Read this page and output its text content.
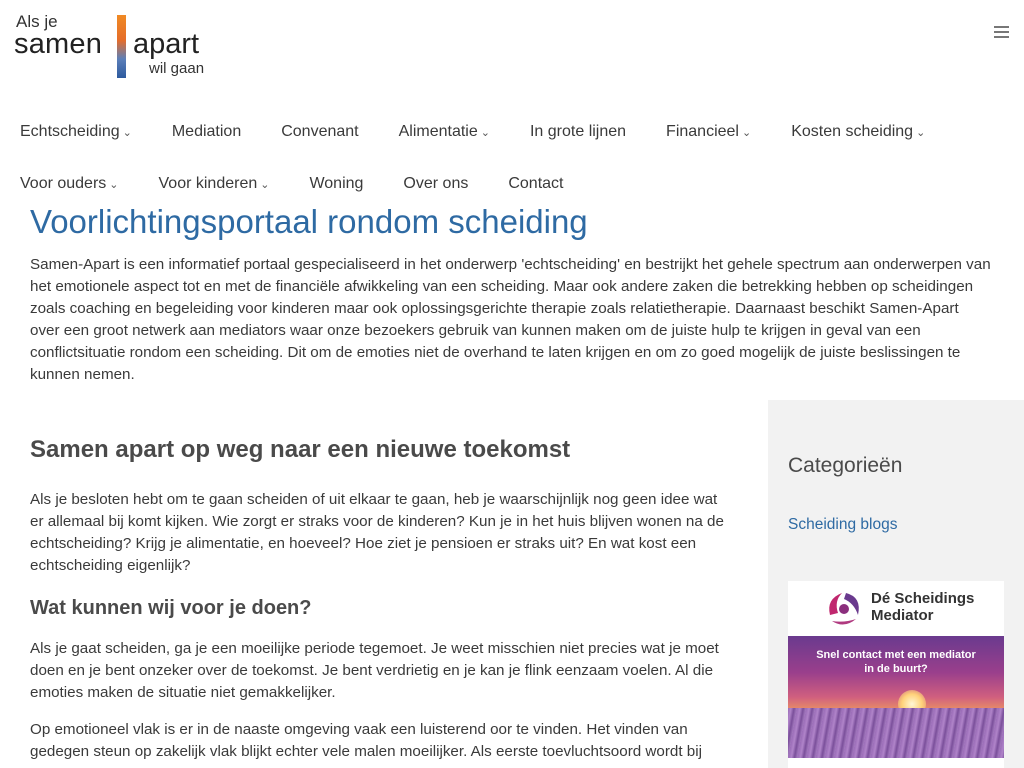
Als je
samen apart
wil gaan
Echtscheiding ⌄	Mediation	Convenant	Alimentatie ⌄	In grote lijnen	Financieel ⌄	Kosten scheiding ⌄
Voor ouders ⌄	Voor kinderen ⌄	Woning	Over ons	Contact
Voorlichtingsportaal rondom scheiding

Samen-Apart is een informatief portaal gespecialiseerd in het onderwerp 'echtscheiding' en bestrijkt het gehele spectrum aan onderwerpen van het emotionele aspect tot en met de financiële afwikkeling van een scheiding. Maar ook andere zaken die betrekking hebben op scheidingen zoals coaching en begeleiding voor kinderen maar ook oplossingsgerichte therapie zoals relatietherapie. Daarnaast beschikt Samen-Apart over een groot netwerk aan mediators waar onze bezoekers gebruik van kunnen maken om de juiste hulp te krijgen in geval van een conflictsituatie rondom een scheiding. Dit om de emoties niet de overhand te laten krijgen en om zo goed mogelijk de juiste beslissingen te kunnen nemen.

Samen apart op weg naar een nieuwe toekomst

Als je besloten hebt om te gaan scheiden of uit elkaar te gaan, heb je waarschijnlijk nog geen idee wat er allemaal bij komt kijken. Wie zorgt er straks voor de kinderen? Kun je in het huis blijven wonen na de echtscheiding? Krijg je alimentatie, en hoeveel? Hoe ziet je pensioen er straks uit? En wat kost een echtscheiding eigenlijk?

Wat kunnen wij voor je doen?

Als je gaat scheiden, ga je een moeilijke periode tegemoet. Je weet misschien niet precies wat je moet doen en je bent onzeker over de toekomst. Je bent verdrietig en je kan je flink eenzaam voelen. Al die emoties maken de situatie niet gemakkelijker.

Op emotioneel vlak is er in de naaste omgeving vaak een luisterend oor te vinden. Het vinden van gedegen steun op zakelijk vlak blijkt echter vele malen moeilijker. Als eerste toevluchtsoord wordt bij

Categorieën
Scheiding blogs
Dé Scheidings
Mediator
Snel contact met een mediator
in de buurt?
